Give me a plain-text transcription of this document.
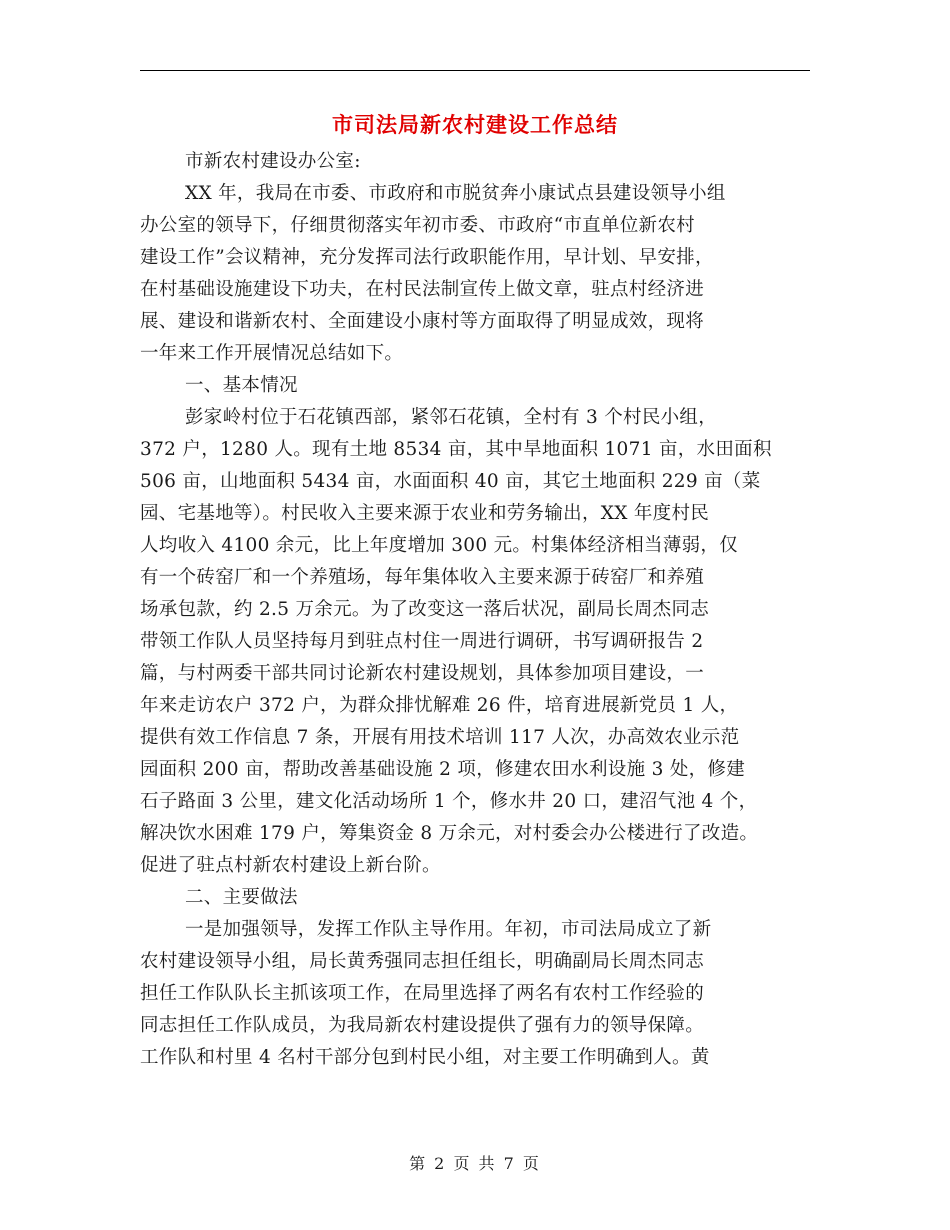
市司法局新农村建设工作总结
市新农村建设办公室:
XX 年，我局在市委、市政府和市脱贫奔小康试点县建设领导小组
办公室的领导下，仔细贯彻落实年初市委、市政府“市直单位新农村
建设工作”会议精神，充分发挥司法行政职能作用，早计划、早安排，
在村基础设施建设下功夫，在村民法制宣传上做文章，驻点村经济进
展、建设和谐新农村、全面建设小康村等方面取得了明显成效，现将
一年来工作开展情况总结如下。
一、基本情况
彭家岭村位于石花镇西部，紧邻石花镇，全村有 3 个村民小组，
372 户，1280 人。现有土地 8534 亩，其中旱地面积 1071 亩，水田面积
506 亩，山地面积 5434 亩，水面面积 40 亩，其它土地面积 229 亩（菜
园、宅基地等）。村民收入主要来源于农业和劳务输出，XX 年度村民
人均收入 4100 余元，比上年度增加 300 元。村集体经济相当薄弱，仅
有一个砖窑厂和一个养殖场，每年集体收入主要来源于砖窑厂和养殖
场承包款，约 2.5 万余元。为了改变这一落后状况，副局长周杰同志
带领工作队人员坚持每月到驻点村住一周进行调研，书写调研报告 2
篇，与村两委干部共同讨论新农村建设规划，具体参加项目建设，一
年来走访农户 372 户，为群众排忧解难 26 件，培育进展新党员 1 人，
提供有效工作信息 7 条，开展有用技术培训 117 人次，办高效农业示范
园面积 200 亩，帮助改善基础设施 2 项，修建农田水利设施 3 处，修建
石子路面 3 公里，建文化活动场所 1 个，修水井 20 口，建沼气池 4 个，
解决饮水困难 179 户，筹集资金 8 万余元，对村委会办公楼进行了改造。
促进了驻点村新农村建设上新台阶。
二、主要做法
一是加强领导，发挥工作队主导作用。年初，市司法局成立了新
农村建设领导小组，局长黄秀强同志担任组长，明确副局长周杰同志
担任工作队队长主抓该项工作，在局里选择了两名有农村工作经验的
同志担任工作队成员，为我局新农村建设提供了强有力的领导保障。
工作队和村里 4 名村干部分包到村民小组，对主要工作明确到人。黄
第 2 页 共 7 页
